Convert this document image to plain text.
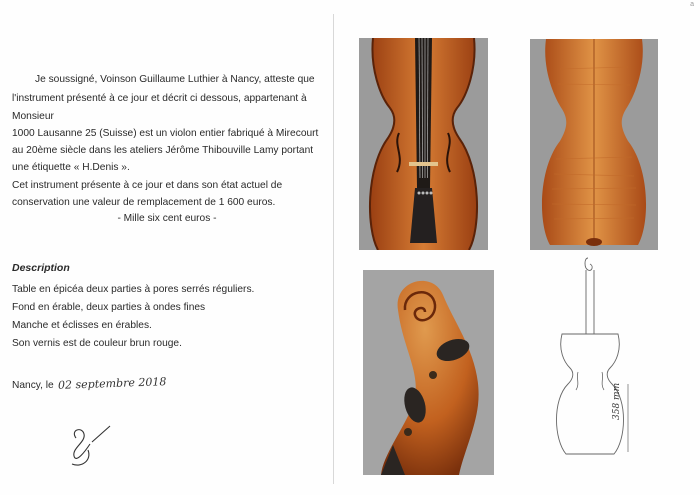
a
Je soussigné, Voinson Guillaume Luthier à Nancy, atteste que
l'instrument présenté à ce jour et décrit ci dessous, appartenant à
Monsieur
1000 Lausanne 25 (Suisse) est un violon entier fabriqué à Mirecourt
au 20ème siècle dans les ateliers Jérôme Thibouville Lamy portant
une étiquette « H.Denis ».
Cet instrument présente à ce jour et dans son état actuel de
conservation une valeur de remplacement de 1 600 euros.
- Mille six cent euros -
Description
Table en épicéa deux parties à pores serrés réguliers.
Fond en érable, deux parties à ondes fines
Manche et éclisses en érables.
Son vernis est de couleur brun rouge.
Nancy, le 02 septembre 2018	358 mm
